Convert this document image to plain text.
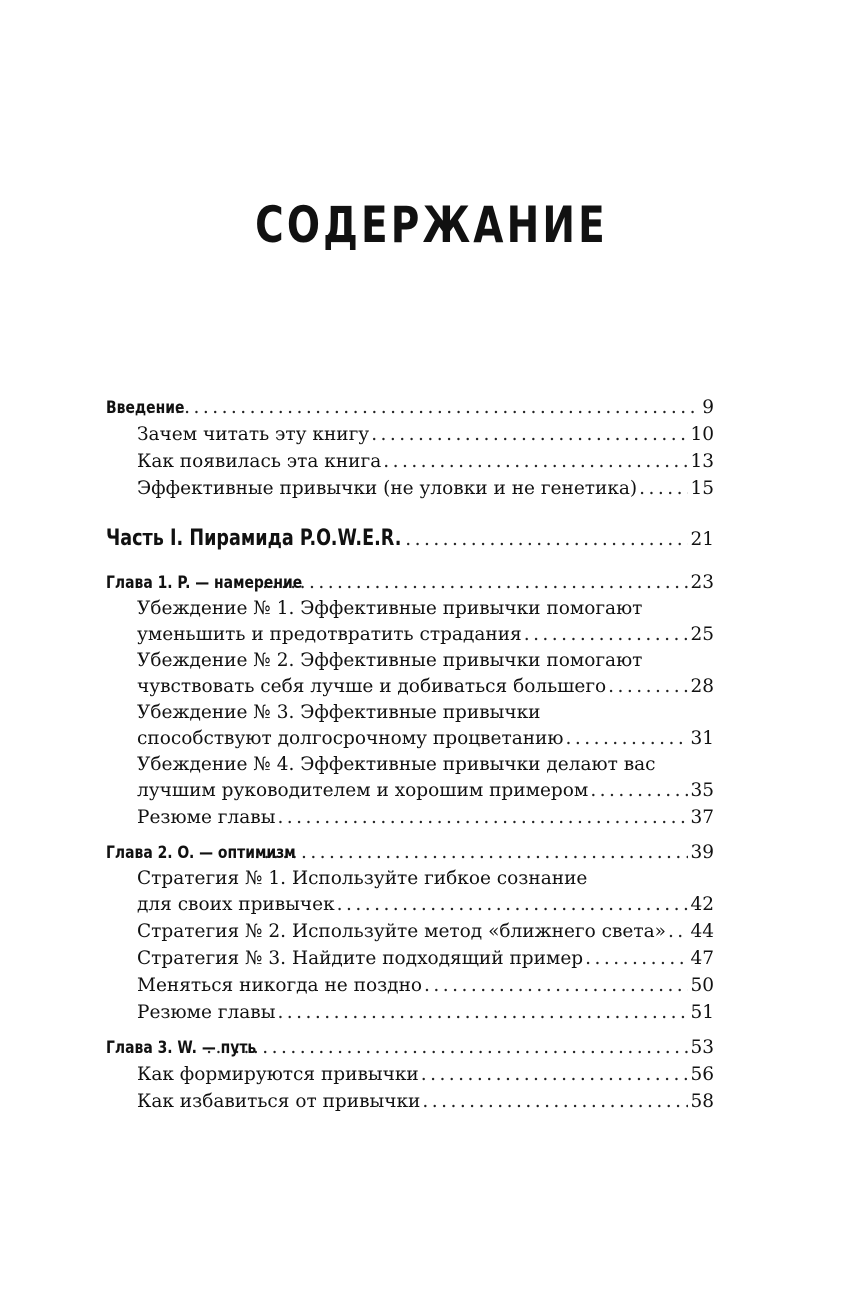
СОДЕРЖАНИЕ
Введение . . .	9
Зачем читать эту книгу . . .	10
Как появилась эта книга . . .	13
Эффективные привычки (не уловки и не генетика) . . .	15
Часть I. Пирамида P.O.W.E.R. . . .	21
Глава 1. P. — намерение . . .	23
Убеждение № 1. Эффективные привычки помогают
уменьшить и предотвратить страдания . . .	25
Убеждение № 2. Эффективные привычки помогают
чувствовать себя лучше и добиваться большего . . .	28
Убеждение № 3. Эффективные привычки
способствуют долгосрочному процветанию . . .	31
Убеждение № 4. Эффективные привычки делают вас
лучшим руководителем и хорошим примером . . .	35
Резюме главы . . .	37
Глава 2. O. — оптимизм . . .	39
Стратегия № 1. Используйте гибкое сознание
для своих привычек . . .	42
Стратегия № 2. Используйте метод «ближнего света» . . . 44
Стратегия № 3. Найдите подходящий пример . . .	47
Меняться никогда не поздно . . .	50
Резюме главы . . .	51
Глава 3. W. — путь . . .	53
Как формируются привычки . . .	56
Как избавиться от привычки . . .	58
